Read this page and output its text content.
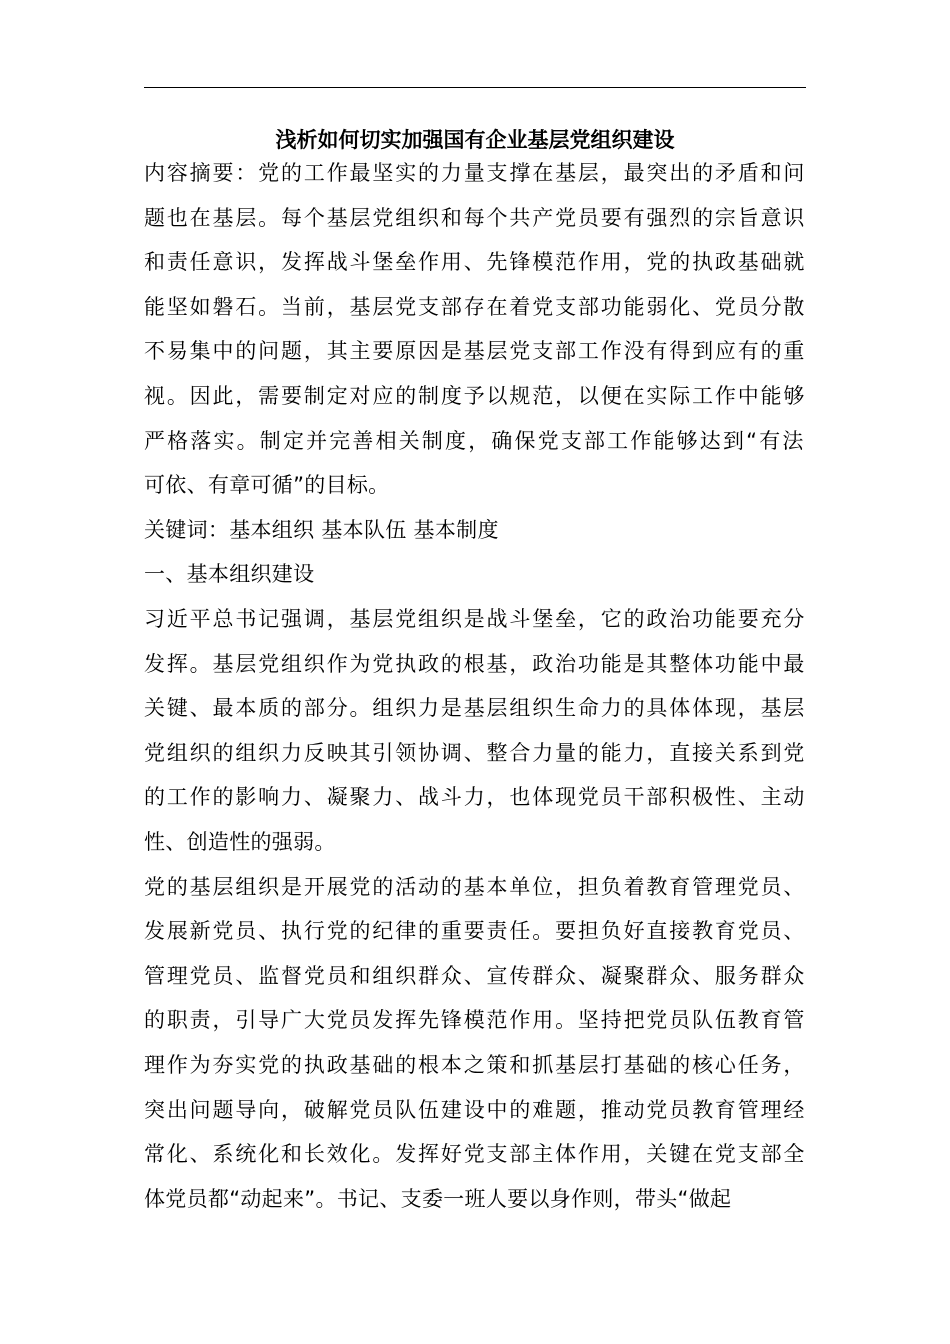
浅析如何切实加强国有企业基层党组织建设
内容摘要：党的工作最坚实的力量支撑在基层，最突出的矛盾和问
题也在基层。每个基层党组织和每个共产党员要有强烈的宗旨意识
和责任意识，发挥战斗堡垒作用、先锋模范作用，党的执政基础就
能坚如磐石。当前，基层党支部存在着党支部功能弱化、党员分散
不易集中的问题，其主要原因是基层党支部工作没有得到应有的重
视。因此，需要制定对应的制度予以规范，以便在实际工作中能够
严格落实。制定并完善相关制度，确保党支部工作能够达到“有法
可依、有章可循”的目标。
关键词：基本组织 基本队伍 基本制度
一、基本组织建设
习近平总书记强调，基层党组织是战斗堡垒，它的政治功能要充分
发挥。基层党组织作为党执政的根基，政治功能是其整体功能中最
关键、最本质的部分。组织力是基层组织生命力的具体体现，基层
党组织的组织力反映其引领协调、整合力量的能力，直接关系到党
的工作的影响力、凝聚力、战斗力，也体现党员干部积极性、主动
性、创造性的强弱。
党的基层组织是开展党的活动的基本单位，担负着教育管理党员、
发展新党员、执行党的纪律的重要责任。要担负好直接教育党员、
管理党员、监督党员和组织群众、宣传群众、凝聚群众、服务群众
的职责，引导广大党员发挥先锋模范作用。坚持把党员队伍教育管
理作为夯实党的执政基础的根本之策和抓基层打基础的核心任务，
突出问题导向，破解党员队伍建设中的难题，推动党员教育管理经
常化、系统化和长效化。发挥好党支部主体作用，关键在党支部全
体党员都“动起来”。书记、支委一班人要以身作则，带头“做起
